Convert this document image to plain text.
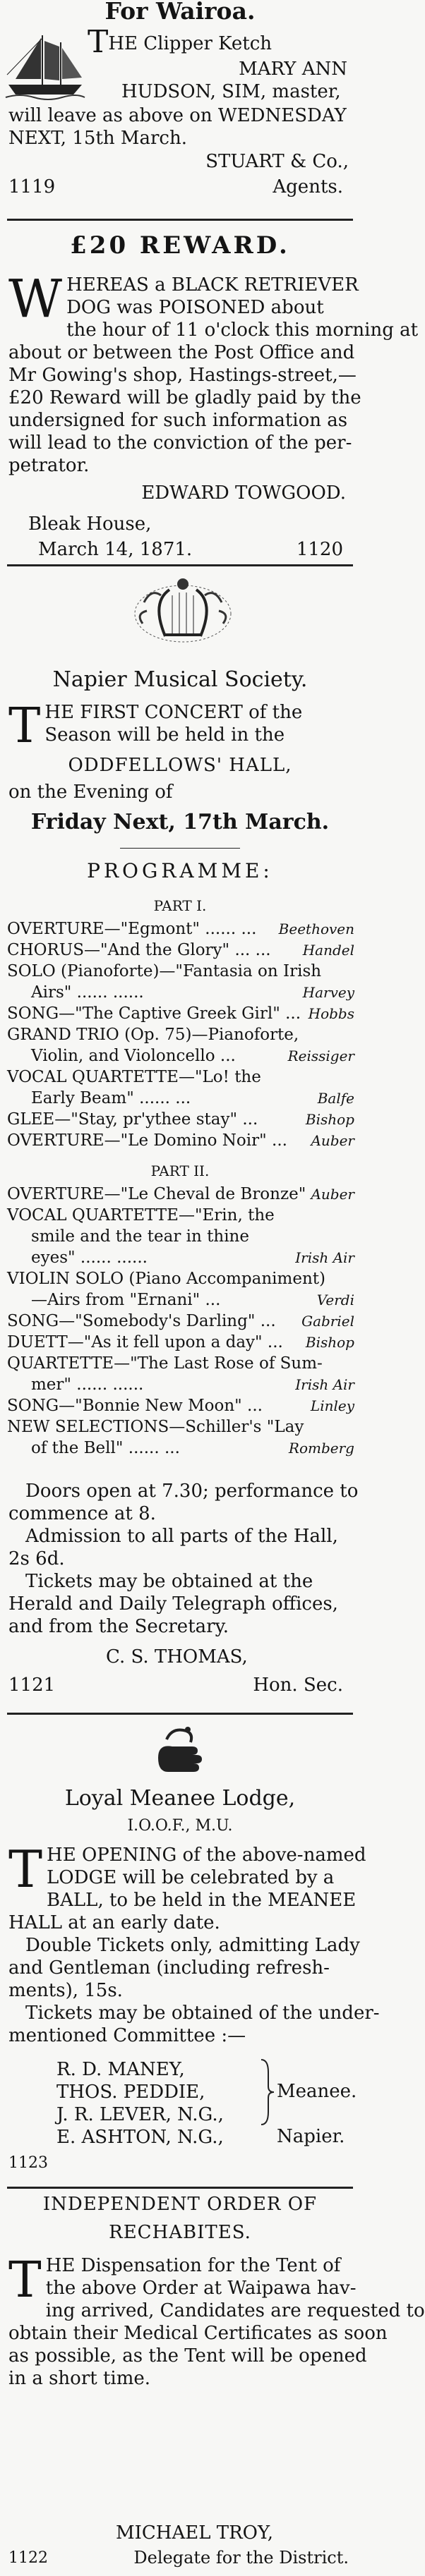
For Wairoa.
THE Clipper Ketch
MARY ANN
HUDSON, SIM, master,
will leave as above on WEDNESDAY
NEXT, 15th March.
STUART & Co.,
1119	Agents.
£20 REWARD.
W HEREAS a BLACK RETRIEVER
DOG was POISONED about
the hour of 11 o'clock this morning at
about or between the Post Office and
Mr Gowing's shop, Hastings-street,—
£20 Reward will be gladly paid by the
undersigned for such information as
will lead to the conviction of the per-
petrator.
EDWARD TOWGOOD.
Bleak House,
March 14, 1871.	1120
Napier Musical Society.
T HE FIRST CONCERT of the
Season will be held in the
ODDFELLOWS' HALL,
on the Evening of
Friday Next, 17th March.
PROGRAMME:
PART I.
OVERTURE—"Egmont" ...... ... Beethoven
CHORUS—"And the Glory" ... ... Handel
SOLO (Pianoforte)—"Fantasia on Irish
Airs" ...... ......	Harvey
SONG—"The Captive Greek Girl" ... Hobbs
GRAND TRIO (Op. 75)—Pianoforte,
Violin, and Violoncello ...	Reissiger
VOCAL QUARTETTE—"Lo! the
Early Beam" ...... ...	Balfe
GLEE—"Stay, pr'ythee stay" ...	Bishop
OVERTURE—"Le Domino Noir" ... Auber
PART II.
OVERTURE—"Le Cheval de Bronze" Auber
VOCAL QUARTETTE—"Erin, the
smile and the tear in thine
eyes" ...... ......	Irish Air
VIOLIN SOLO (Piano Accompaniment)
—Airs from "Ernani" ...	Verdi
SONG—"Somebody's Darling" ... Gabriel
DUETT—"As it fell upon a day" ... Bishop
QUARTETTE—"The Last Rose of Sum-
mer" ...... ......	Irish Air
SONG—"Bonnie New Moon" ...	Linley
NEW SELECTIONS—Schiller's "Lay
of the Bell" ...... ...	Romberg
Doors open at 7.30; performance to
commence at 8.
Admission to all parts of the Hall,
2s 6d.
Tickets may be obtained at the
Herald and Daily Telegraph offices,
and from the Secretary.
C. S. THOMAS,
1121	Hon. Sec.
Loyal Meanee Lodge,
I.O.O.F., M.U.
T HE OPENING of the above-named
LODGE will be celebrated by a
BALL, to be held in the MEANEE
HALL at an early date.
Double Tickets only, admitting Lady
and Gentleman (including refresh-
ments), 15s.
Tickets may be obtained of the under-
mentioned Committee :—
R. D. MANEY,
THOS. PEDDIE,
J. R. LEVER, N.G.,
E. ASHTON, N.G.,
Meanee.
Napier.
1123
INDEPENDENT ORDER OF
RECHABITES.
T HE Dispensation for the Tent of
the above Order at Waipawa hav-
ing arrived, Candidates are requested to
obtain their Medical Certificates as soon
as possible, as the Tent will be opened
in a short time.
MICHAEL TROY,
1122	Delegate for the District.
